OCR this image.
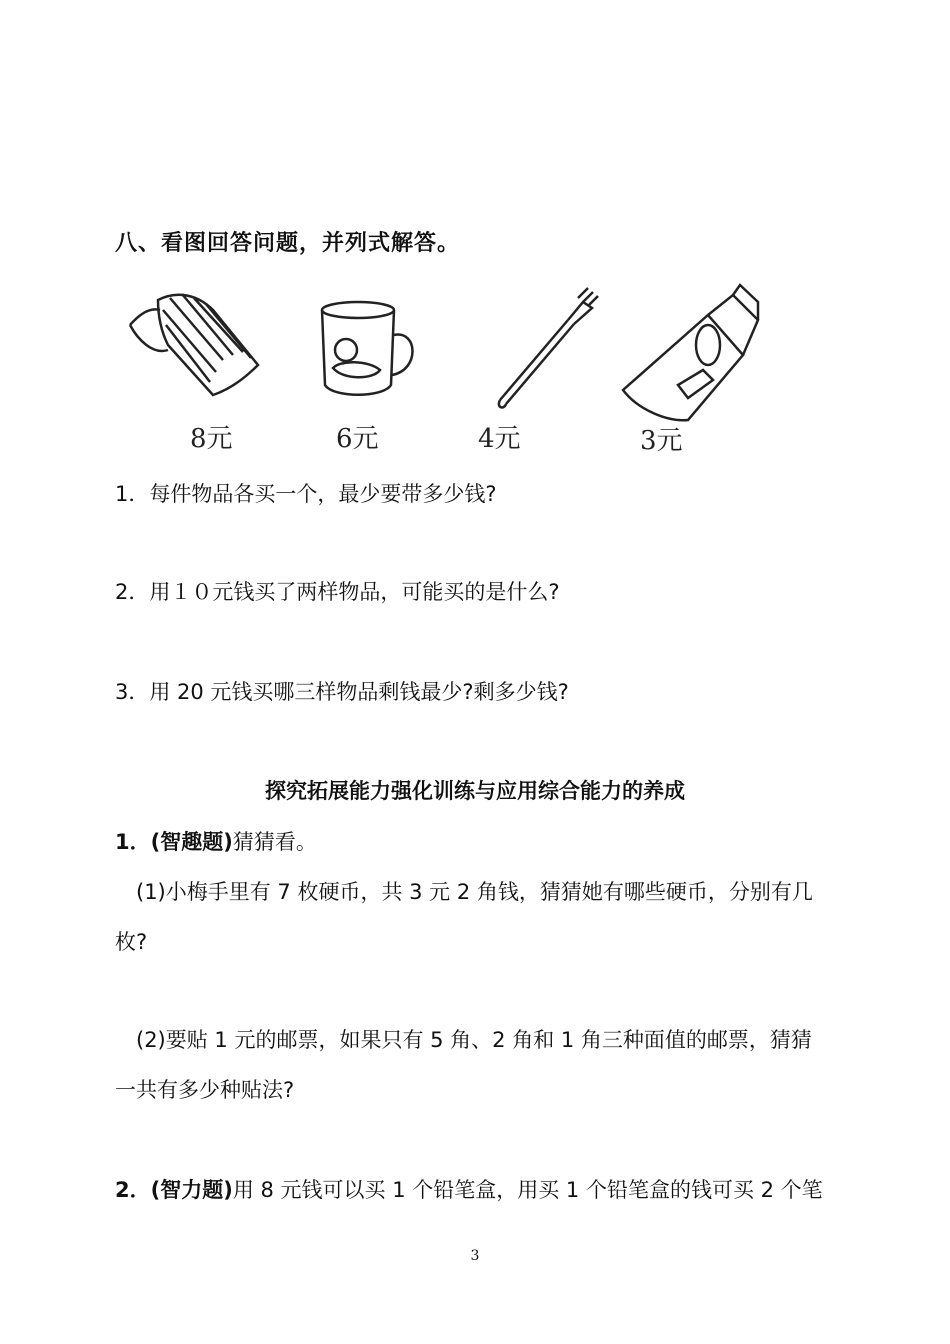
八、看图回答问题，并列式解答。
8元	6元	4元	3元
1．每件物品各买一个，最少要带多少钱?
2．用１０元钱买了两样物品，可能买的是什么?
3．用 20 元钱买哪三样物品剩钱最少?剩多少钱?
探究拓展能力强化训练与应用综合能力的养成
1．(智趣题)猜猜看。
(1)小梅手里有 7 枚硬币，共 3 元 2 角钱，猜猜她有哪些硬币，分别有几
枚?
(2)要贴 1 元的邮票，如果只有 5 角、2 角和 1 角三种面值的邮票，猜猜
一共有多少种贴法?
2．(智力题)用 8 元钱可以买 1 个铅笔盒，用买 1 个铅笔盒的钱可买 2 个笔
3
